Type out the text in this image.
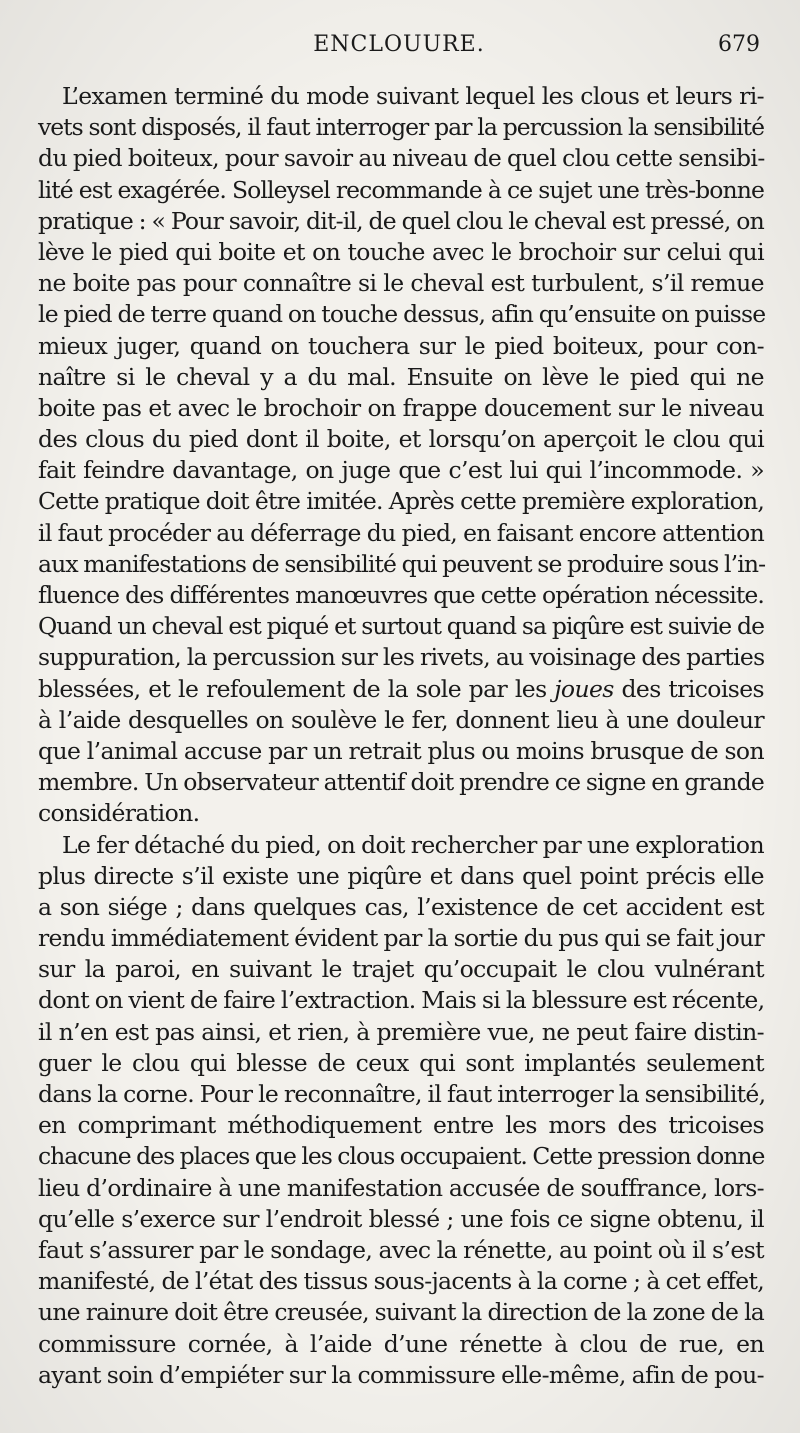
ENCLOUURE.	679
L’examen terminé du mode suivant lequel les clous et leurs ri-
vets sont disposés, il faut interroger par la percussion la sensibilité
du pied boiteux, pour savoir au niveau de quel clou cette sensibi-
lité est exagérée. Solleysel recommande à ce sujet une très-bonne
pratique : « Pour savoir, dit-il, de quel clou le cheval est pressé, on
lève le pied qui boite et on touche avec le brochoir sur celui qui
ne boite pas pour connaître si le cheval est turbulent, s’il remue
le pied de terre quand on touche dessus, afin qu’ensuite on puisse
mieux juger, quand on touchera sur le pied boiteux, pour con-
naître si le cheval y a du mal. Ensuite on lève le pied qui ne
boite pas et avec le brochoir on frappe doucement sur le niveau
des clous du pied dont il boite, et lorsqu’on aperçoit le clou qui
fait feindre davantage, on juge que c’est lui qui l’incommode. »
Cette pratique doit être imitée. Après cette première exploration,
il faut procéder au déferrage du pied, en faisant encore attention
aux manifestations de sensibilité qui peuvent se produire sous l’in-
fluence des différentes manœuvres que cette opération nécessite.
Quand un cheval est piqué et surtout quand sa piqûre est suivie de
suppuration, la percussion sur les rivets, au voisinage des parties
blessées, et le refoulement de la sole par les joues des tricoises
à l’aide desquelles on soulève le fer, donnent lieu à une douleur
que l’animal accuse par un retrait plus ou moins brusque de son
membre. Un observateur attentif doit prendre ce signe en grande
considération.
Le fer détaché du pied, on doit rechercher par une exploration
plus directe s’il existe une piqûre et dans quel point précis elle
a son siége ; dans quelques cas, l’existence de cet accident est
rendu immédiatement évident par la sortie du pus qui se fait jour
sur la paroi, en suivant le trajet qu’occupait le clou vulnérant
dont on vient de faire l’extraction. Mais si la blessure est récente,
il n’en est pas ainsi, et rien, à première vue, ne peut faire distin-
guer le clou qui blesse de ceux qui sont implantés seulement
dans la corne. Pour le reconnaître, il faut interroger la sensibilité,
en comprimant méthodiquement entre les mors des tricoises
chacune des places que les clous occupaient. Cette pression donne
lieu d’ordinaire à une manifestation accusée de souffrance, lors-
qu’elle s’exerce sur l’endroit blessé ; une fois ce signe obtenu, il
faut s’assurer par le sondage, avec la rénette, au point où il s’est
manifesté, de l’état des tissus sous-jacents à la corne ; à cet effet,
une rainure doit être creusée, suivant la direction de la zone de la
commissure cornée, à l’aide d’une rénette à clou de rue, en
ayant soin d’empiéter sur la commissure elle-même, afin de pou-
